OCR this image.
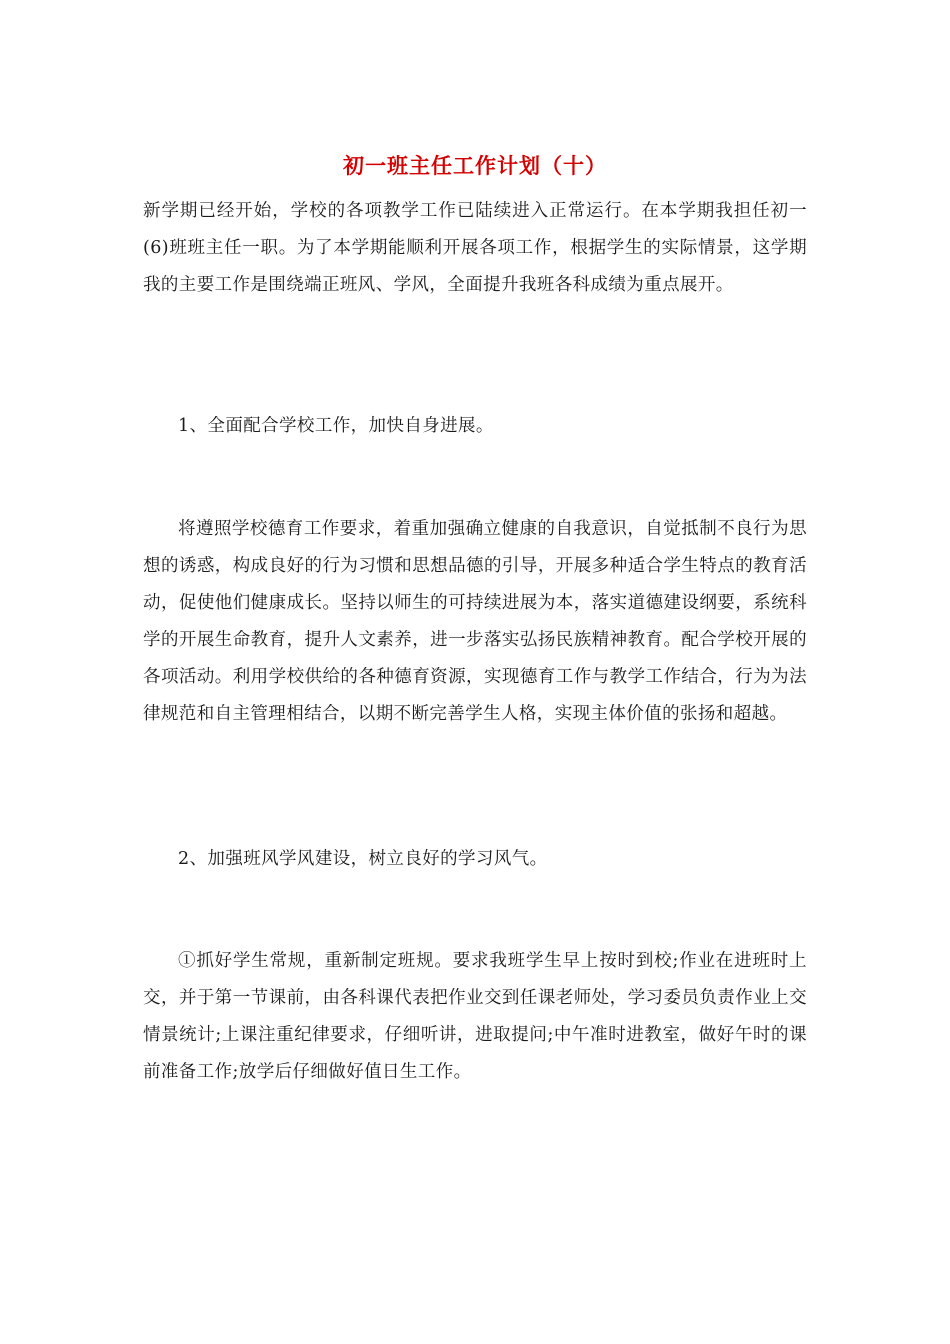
初一班主任工作计划（十）

新学期已经开始，学校的各项教学工作已陆续进入正常运行。在本学期我担任初一(6)班班主任一职。为了本学期能顺利开展各项工作，根据学生的实际情景，这学期我的主要工作是围绕端正班风、学风，全面提升我班各科成绩为重点展开。

1、全面配合学校工作，加快自身进展。

将遵照学校德育工作要求，着重加强确立健康的自我意识，自觉抵制不良行为思想的诱惑，构成良好的行为习惯和思想品德的引导，开展多种适合学生特点的教育活动，促使他们健康成长。坚持以师生的可持续进展为本，落实道德建设纲要，系统科学的开展生命教育，提升人文素养，进一步落实弘扬民族精神教育。配合学校开展的各项活动。利用学校供给的各种德育资源，实现德育工作与教学工作结合，行为为法律规范和自主管理相结合，以期不断完善学生人格，实现主体价值的张扬和超越。

2、加强班风学风建设，树立良好的学习风气。

①抓好学生常规，重新制定班规。要求我班学生早上按时到校;作业在进班时上交，并于第一节课前，由各科课代表把作业交到任课老师处，学习委员负责作业上交情景统计;上课注重纪律要求，仔细听讲，进取提问;中午准时进教室，做好午时的课前准备工作;放学后仔细做好值日生工作。
